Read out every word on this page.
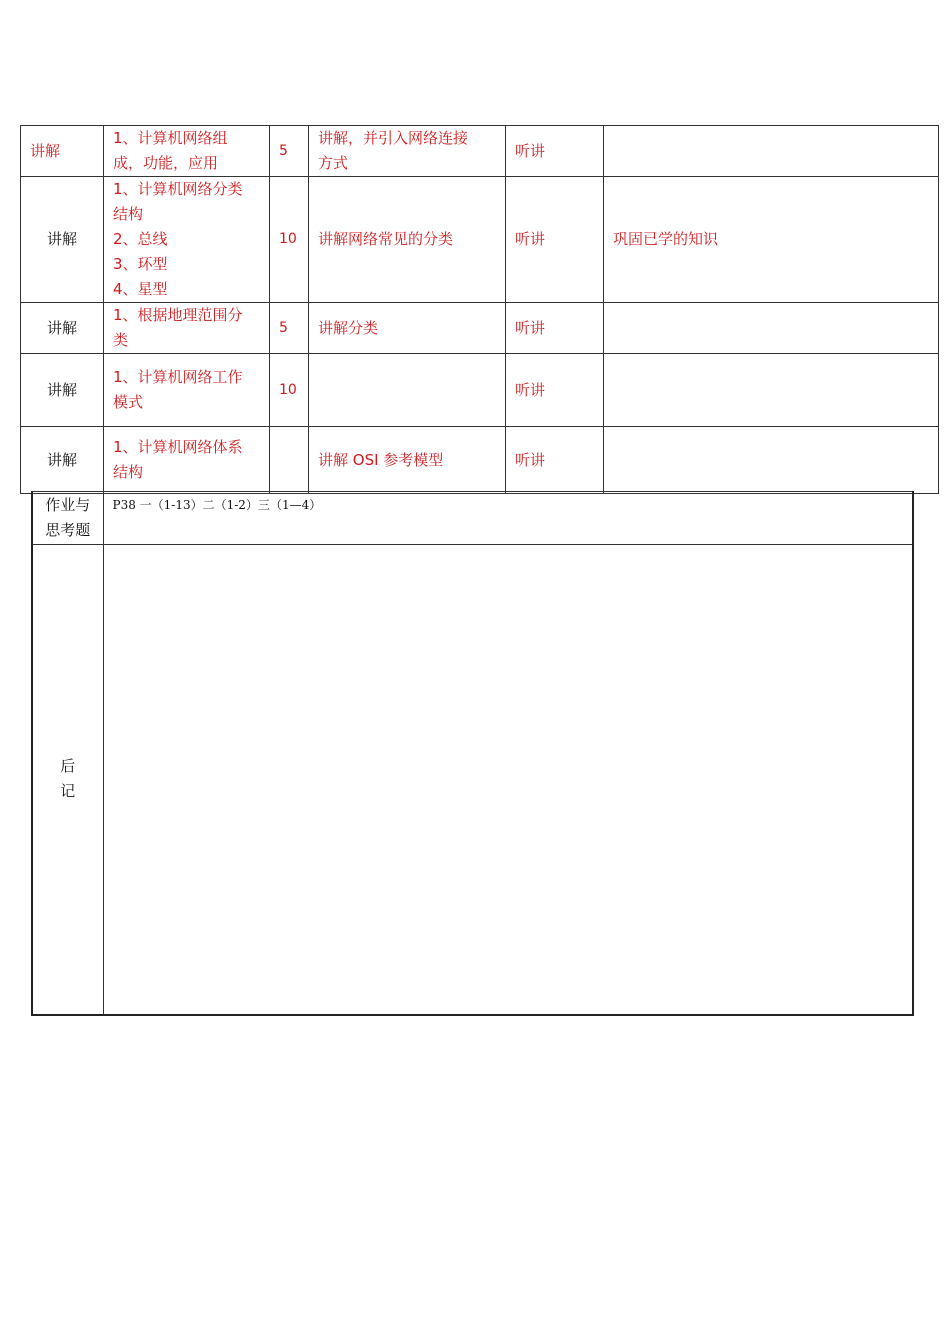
讲解	1、计算机网络组
成，功能，应用	5	讲解，并引入网络连接
方式	听讲	
讲解	1、计算机网络分类
结构
2、总线
3、环型
4、星型	10	讲解网络常见的分类	听讲	巩固已学的知识
讲解	1、根据地理范围分
类	5	讲解分类	听讲	
讲解	1、计算机网络工作
模式	10		听讲	
讲解	1、计算机网络体系
结构		讲解 OSI 参考模型	听讲	
作业与
思考题	P38 一（1-13）二（1-2）三（1—4）

后
记	
